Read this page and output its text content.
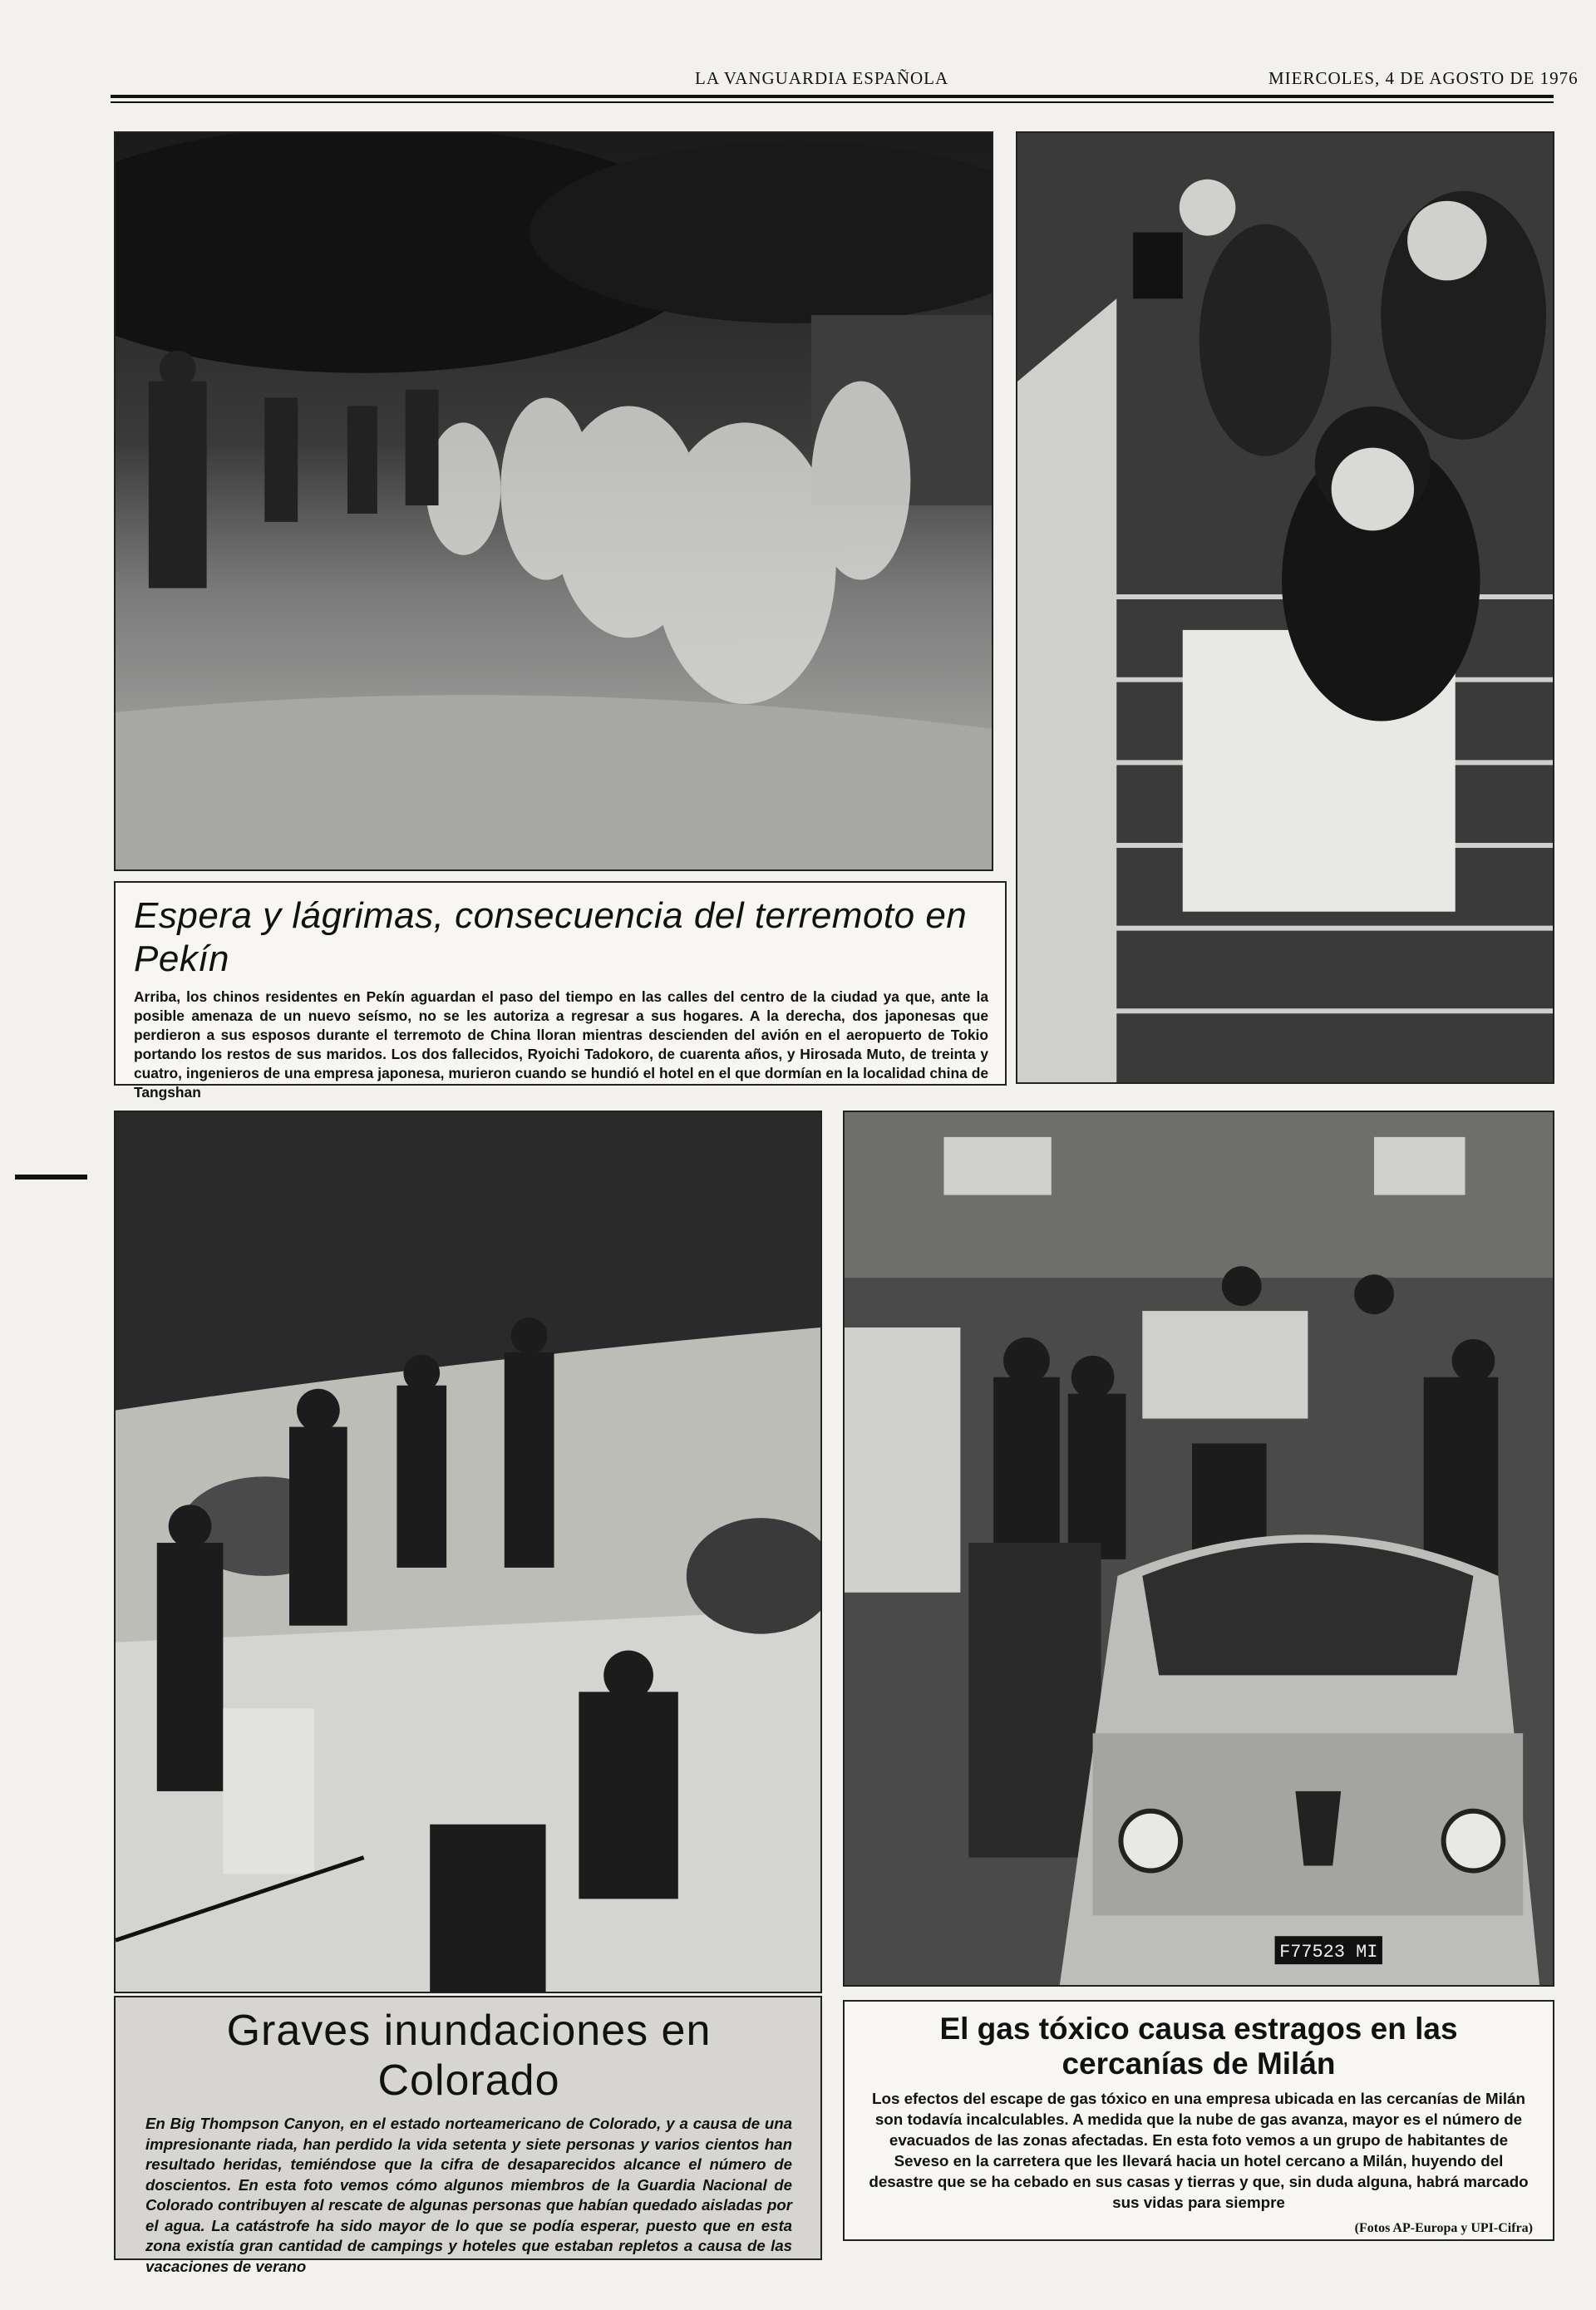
LA VANGUARDIA ESPAÑOLA	MIERCOLES, 4 DE AGOSTO DE 1976
Espera y lágrimas, consecuencia del terremoto en Pekín
Arriba, los chinos residentes en Pekín aguardan el paso del tiempo en las calles del centro de la ciudad ya que, ante la posible amenaza de un nuevo seísmo, no se les autoriza a regresar a sus hogares. A la derecha, dos japonesas que perdieron a sus esposos durante el terremoto de China lloran mientras descienden del avión en el aeropuerto de Tokio portando los restos de sus maridos. Los dos fallecidos, Ryoichi Tadokoro, de cuarenta años, y Hirosada Muto, de treinta y cuatro, ingenieros de una empresa japonesa, murieron cuando se hundió el hotel en el que dormían en la localidad china de Tangshan
F77523 MI
Graves inundaciones en Colorado
En Big Thompson Canyon, en el estado norteamericano de Colorado, y a causa de una impresionante riada, han perdido la vida setenta y siete personas y varios cientos han resultado heridas, temiéndose que la cifra de desaparecidos alcance el número de doscientos. En esta foto vemos cómo algunos miembros de la Guardia Nacional de Colorado contribuyen al rescate de algunas personas que habían quedado aisladas por el agua. La catástrofe ha sido mayor de lo que se podía esperar, puesto que en esta zona existía gran cantidad de campings y hoteles que estaban repletos a causa de las vacaciones de verano
El gas tóxico causa estragos en las cercanías de Milán
Los efectos del escape de gas tóxico en una empresa ubicada en las cercanías de Milán son todavía incalculables. A medida que la nube de gas avanza, mayor es el número de evacuados de las zonas afectadas. En esta foto vemos a un grupo de habitantes de Seveso en la carretera que les llevará hacia un hotel cercano a Milán, huyendo del desastre que se ha cebado en sus casas y tierras y que, sin duda alguna, habrá marcado sus vidas para siempre
(Fotos AP-Europa y UPI-Cifra)
